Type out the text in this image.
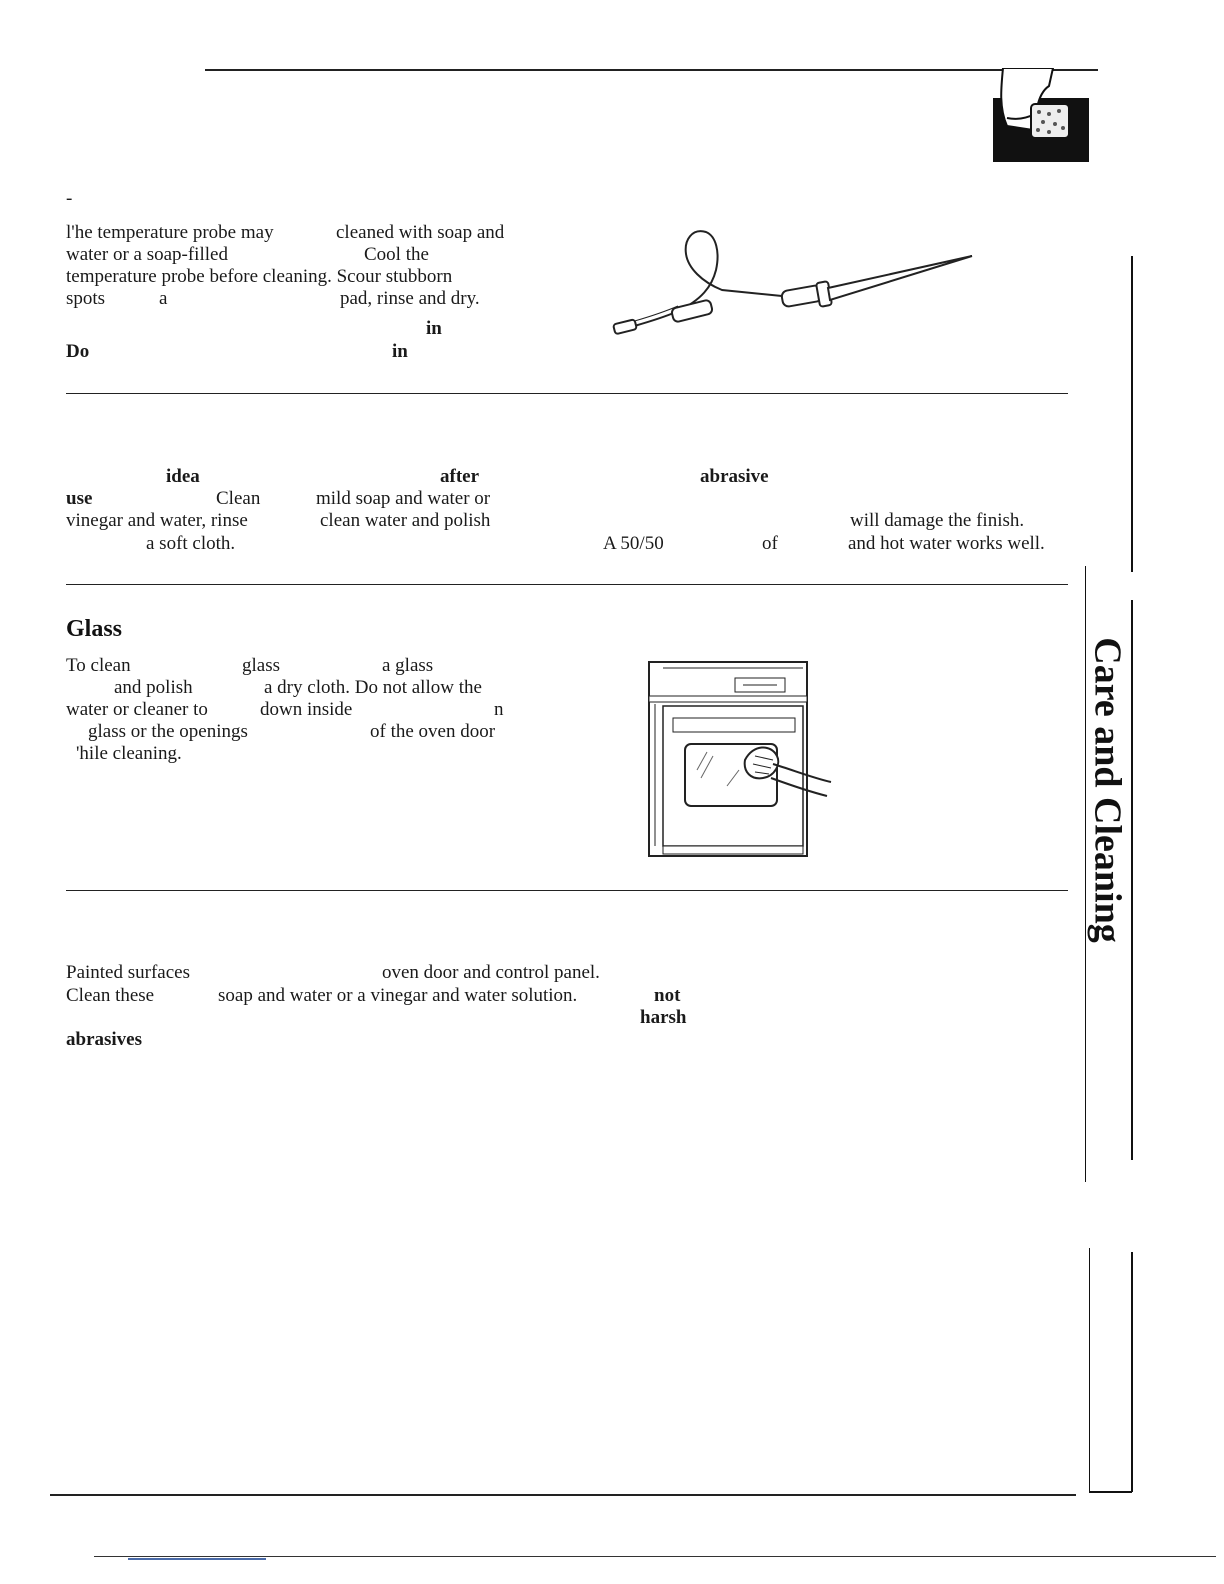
-
l'he temperature probe may	cleaned with soap and
water or a soap-filled	Cool the
temperature probe before cleaning. Scour stubborn
spots	a	pad, rinse and dry.
in
Do	in
idea	after
use	Clean	mild soap and water or
vinegar and water, rinse	clean water and polish
a soft cloth.
abrasive
will damage the finish.
A 50/50	of	and hot water works well.
Glass
To clean	glass	a glass
and polish	a dry cloth. Do not allow the
water or cleaner to	down inside	n
glass or the openings	of the oven door
'hile cleaning.
Painted surfaces	oven door and control panel.
Clean these	soap and water or a vinegar and water solution.	not
harsh
abrasives
Care and Cleaning
